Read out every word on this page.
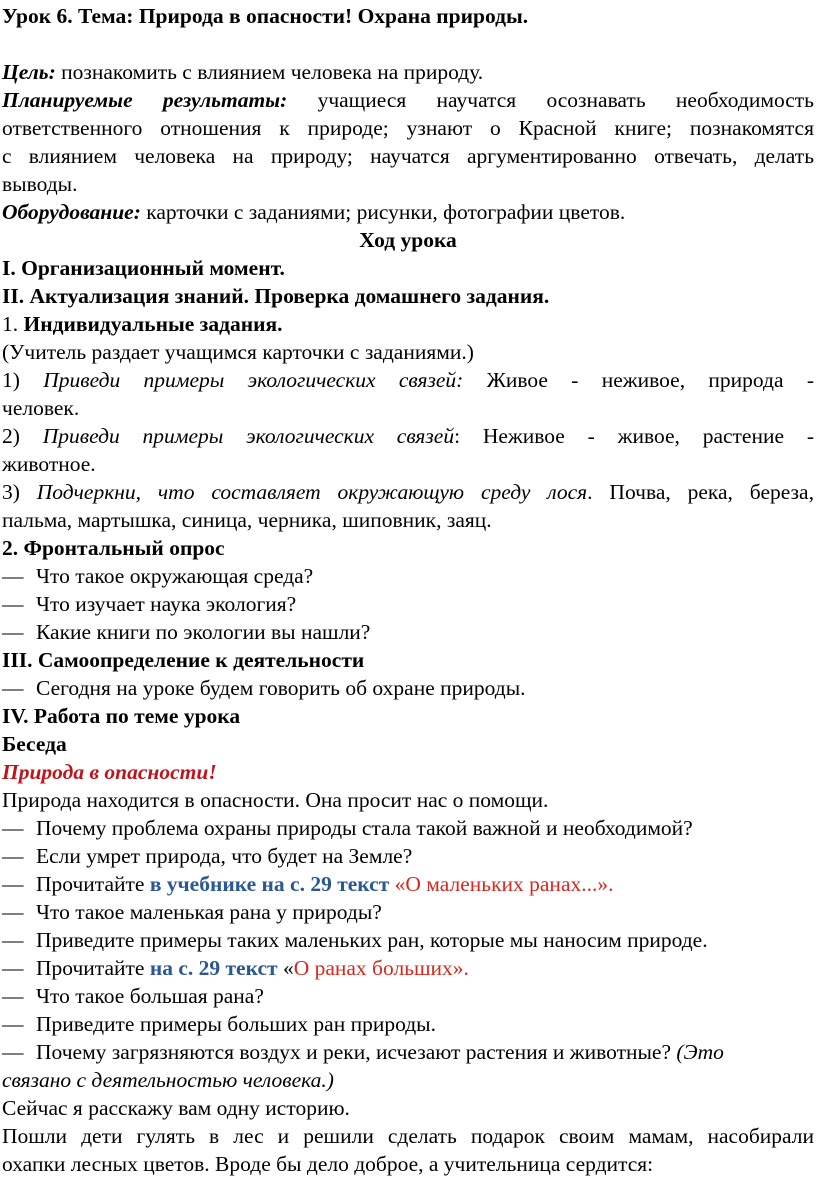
Урок 6. Тема: Природа в опасности! Охрана природы.
Цель: познакомить с влиянием человека на природу.
Планируемые результаты: учащиеся научатся осознавать необходимость
ответственного отношения к природе; узнают о Красной книге; познакомятся
с влиянием человека на природу; научатся аргументированно отвечать, делать
выводы.
Оборудование: карточки с заданиями; рисунки, фотографии цветов.
Ход урока
I. Организационный момент.
II. Актуализация знаний. Проверка домашнего задания.
1. Индивидуальные задания.
(Учитель раздает учащимся карточки с заданиями.)
1) Приведи примеры экологических связей: Живое - неживое, природа -
человек.
2) Приведи примеры экологических связей: Неживое - живое, растение -
животное.
3) Подчеркни, что составляет окружающую среду лося. Почва, река, береза,
пальма, мартышка, синица, черника, шиповник, заяц.
2. Фронтальный опрос
— Что такое окружающая среда?
— Что изучает наука экология?
— Какие книги по экологии вы нашли?
III. Самоопределение к деятельности
— Сегодня на уроке будем говорить об охране природы.
IV. Работа по теме урока
Беседа
Природа в опасности!
Природа находится в опасности. Она просит нас о помощи.
— Почему проблема охраны природы стала такой важной и необходимой?
— Если умрет природа, что будет на Земле?
— Прочитайте в учебнике на с. 29 текст «О маленьких ранах...».
— Что такое маленькая рана у природы?
— Приведите примеры таких маленьких ран, которые мы наносим природе.
— Прочитайте на с. 29 текст «О ранах больших».
— Что такое большая рана?
— Приведите примеры больших ран природы.
— Почему загрязняются воздух и реки, исчезают растения и животные? (Это
связано с деятельностью человека.)
Сейчас я расскажу вам одну историю.
Пошли дети гулять в лес и решили сделать подарок своим мамам, насобирали
охапки лесных цветов. Вроде бы дело доброе, а учительница сердится:
